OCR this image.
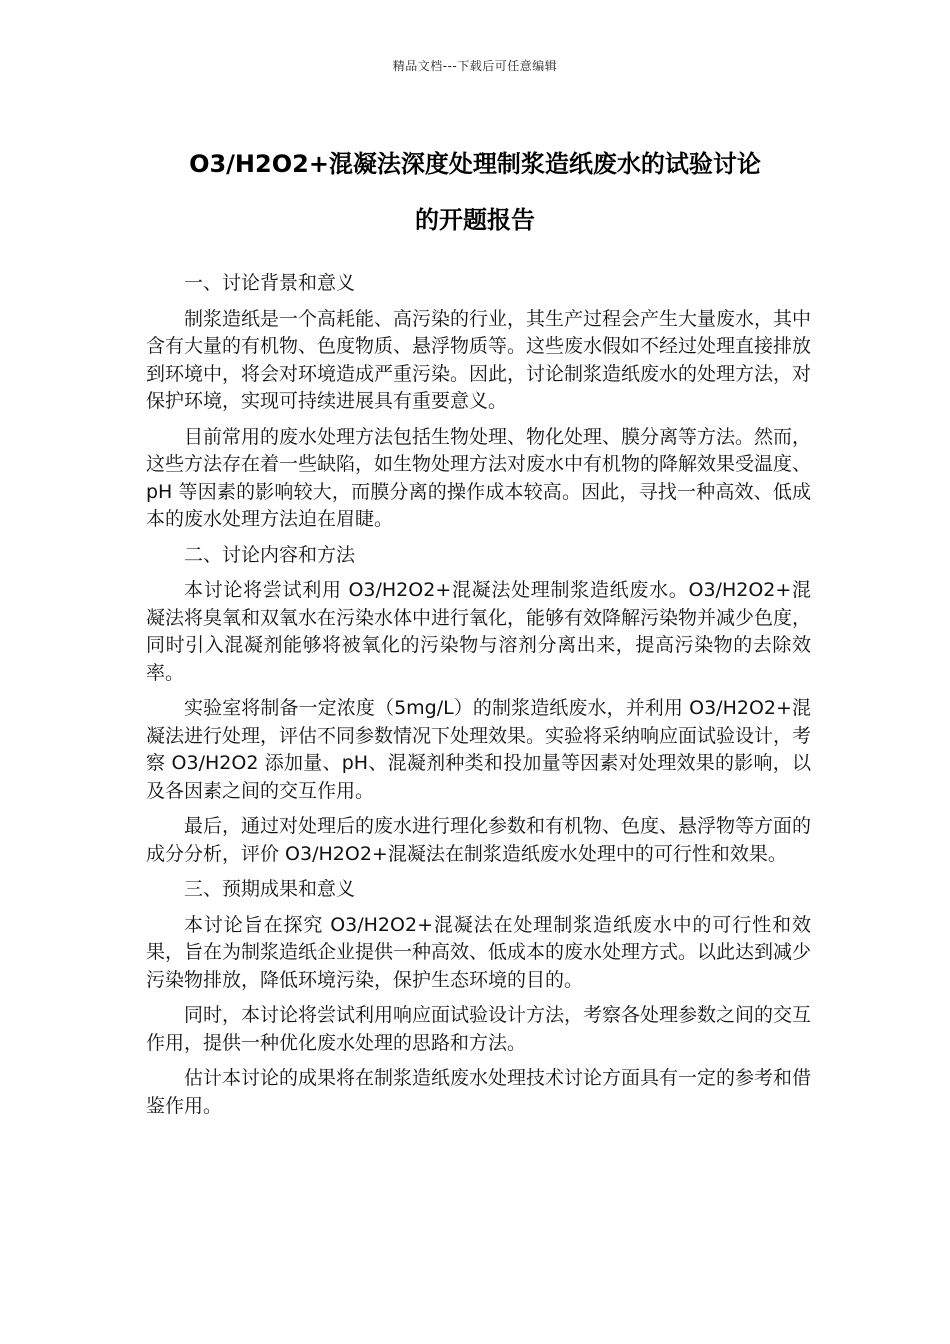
精品文档---下载后可任意编辑
O3/H2O2+混凝法深度处理制浆造纸废水的试验讨论
的开题报告

一、讨论背景和意义

制浆造纸是一个高耗能、高污染的行业，其生产过程会产生大量废水，其中含有大量的有机物、色度物质、悬浮物质等。这些废水假如不经过处理直接排放到环境中，将会对环境造成严重污染。因此，讨论制浆造纸废水的处理方法，对保护环境，实现可持续进展具有重要意义。

目前常用的废水处理方法包括生物处理、物化处理、膜分离等方法。然而，这些方法存在着一些缺陷，如生物处理方法对废水中有机物的降解效果受温度、pH 等因素的影响较大，而膜分离的操作成本较高。因此，寻找一种高效、低成本的废水处理方法迫在眉睫。

二、讨论内容和方法

本讨论将尝试利用 O3/H2O2+混凝法处理制浆造纸废水。O3/H2O2+混凝法将臭氧和双氧水在污染水体中进行氧化，能够有效降解污染物并减少色度，同时引入混凝剂能够将被氧化的污染物与溶剂分离出来，提高污染物的去除效率。

实验室将制备一定浓度（5mg/L）的制浆造纸废水，并利用 O3/H2O2+混凝法进行处理，评估不同参数情况下处理效果。实验将采纳响应面试验设计，考察 O3/H2O2 添加量、pH、混凝剂种类和投加量等因素对处理效果的影响，以及各因素之间的交互作用。

最后，通过对处理后的废水进行理化参数和有机物、色度、悬浮物等方面的成分分析，评价 O3/H2O2+混凝法在制浆造纸废水处理中的可行性和效果。

三、预期成果和意义

本讨论旨在探究 O3/H2O2+混凝法在处理制浆造纸废水中的可行性和效果，旨在为制浆造纸企业提供一种高效、低成本的废水处理方式。以此达到减少污染物排放，降低环境污染，保护生态环境的目的。

同时，本讨论将尝试利用响应面试验设计方法，考察各处理参数之间的交互作用，提供一种优化废水处理的思路和方法。

估计本讨论的成果将在制浆造纸废水处理技术讨论方面具有一定的参考和借鉴作用。
